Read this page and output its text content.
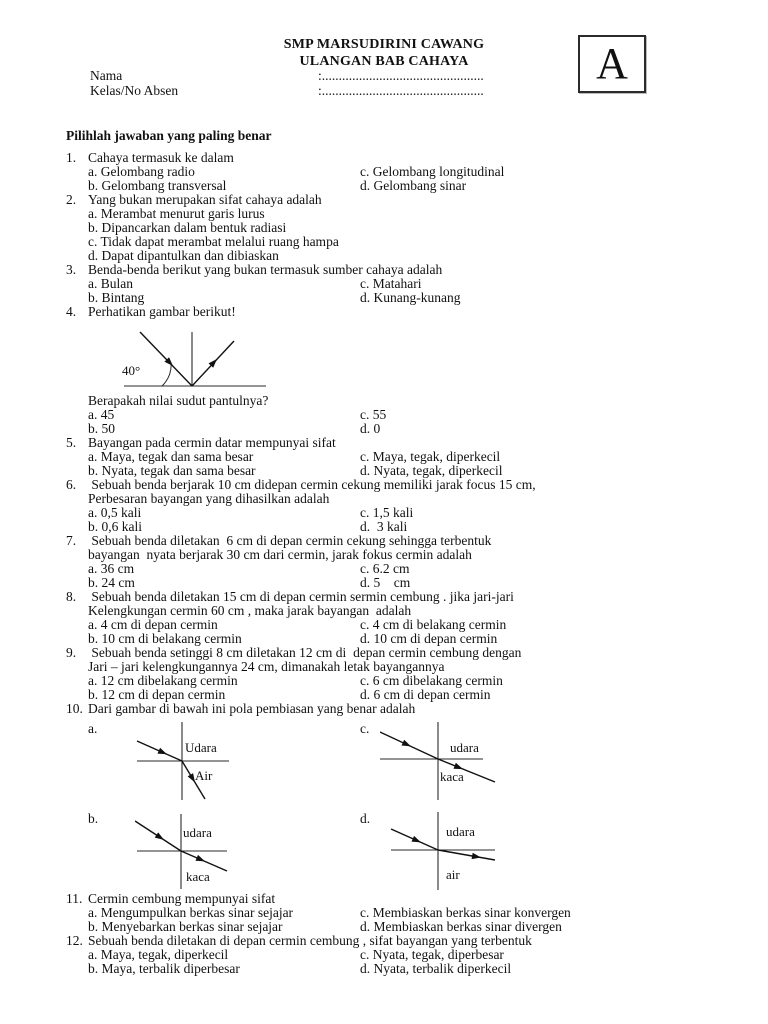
SMP MARSUDIRINI CAWANG
ULANGAN BAB CAHAYA
Nama	:................................................
Kelas/No Absen	:................................................
A
Pilihlah jawaban yang paling benar
1. Cahaya termasuk ke dalam
a. Gelombang radio	c. Gelombang longitudinal
b. Gelombang transversal	d. Gelombang sinar
2. Yang bukan merupakan sifat cahaya adalah
a. Merambat menurut garis lurus
b. Dipancarkan dalam bentuk radiasi
c. Tidak dapat merambat melalui ruang hampa
d. Dapat dipantulkan dan dibiaskan
3. Benda-benda berikut yang bukan termasuk sumber cahaya adalah
a. Bulan	c. Matahari
b. Bintang	d. Kunang-kunang
4. Perhatikan gambar berikut!
40°
Berapakah nilai sudut pantulnya?
a. 45	c. 55
b. 50	d. 0
5. Bayangan pada cermin datar mempunyai sifat
a. Maya, tegak dan sama besar	c. Maya, tegak, diperkecil
b. Nyata, tegak dan sama besar	d. Nyata, tegak, diperkecil
6. Sebuah benda berjarak 10 cm didepan cermin cekung memiliki jarak focus 15 cm,
Perbesaran bayangan yang dihasilkan adalah
a. 0,5 kali	c. 1,5 kali
b. 0,6 kali	d.  3 kali
7. Sebuah benda diletakan  6 cm di depan cermin cekung sehingga terbentuk
bayangan  nyata berjarak 30 cm dari cermin, jarak fokus cermin adalah
a. 36 cm	c. 6.2 cm
b. 24 cm	d. 5    cm
8. Sebuah benda diletakan 15 cm di depan cermin sermin cembung . jika jari-jari
Kelengkungan cermin 60 cm , maka jarak bayangan  adalah
a. 4 cm di depan cermin	c. 4 cm di belakang cermin
b. 10 cm di belakang cermin	d. 10 cm di depan cermin
9. Sebuah benda setinggi 8 cm diletakan 12 cm di  depan cermin cembung dengan
Jari – jari kelengkungannya 24 cm, dimanakah letak bayangannya
a. 12 cm dibelakang cermin	c. 6 cm dibelakang cermin
b. 12 cm di depan cermin	d. 6 cm di depan cermin
10. Dari gambar di bawah ini pola pembiasan yang benar adalah
a.
Udara
Air
c.
udara
kaca
b.
udara
kaca
d.
udara
air
11. Cermin cembung mempunyai sifat
a. Mengumpulkan berkas sinar sejajar	c. Membiaskan berkas sinar konvergen
b. Menyebarkan berkas sinar sejajar	d. Membiaskan berkas sinar divergen
12. Sebuah benda diletakan di depan cermin cembung , sifat bayangan yang terbentuk
a. Maya, tegak, diperkecil	c. Nyata, tegak, diperbesar
b. Maya, terbalik diperbesar	d. Nyata, terbalik diperkecil
